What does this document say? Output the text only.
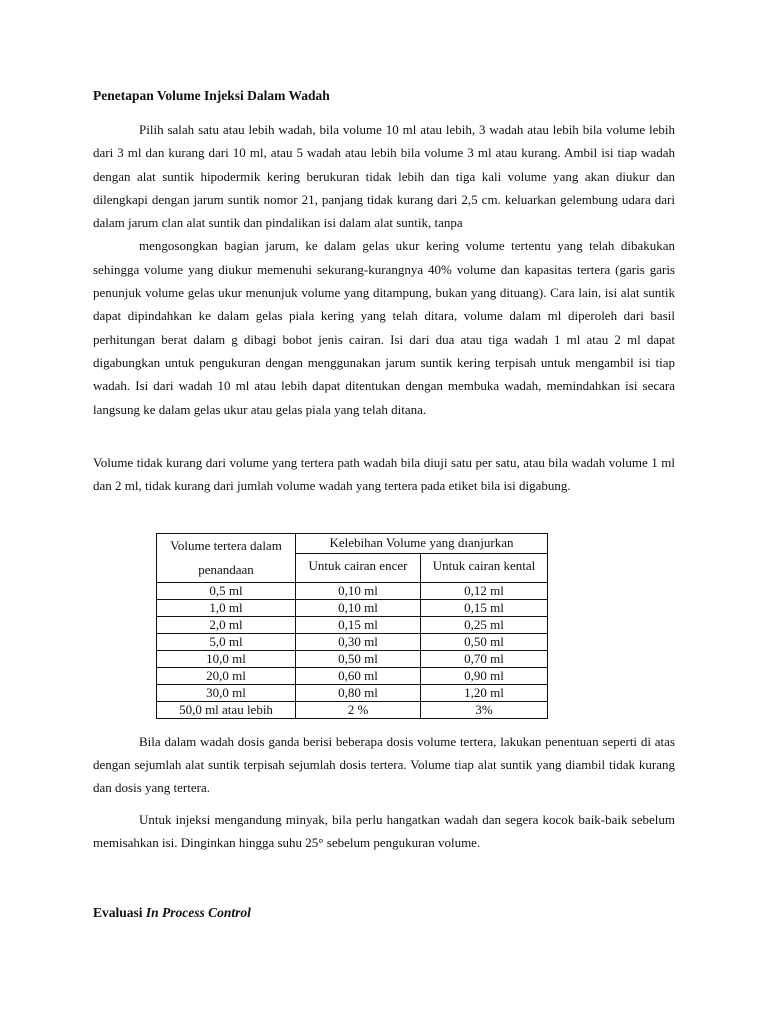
Penetapan Volume Injeksi Dalam Wadah

Pilih salah satu atau lebih wadah, bila volume 10 ml atau lebih, 3 wadah atau lebih bila volume lebih dari 3 ml dan kurang dari 10 ml, atau 5 wadah atau lebih bila volume 3 ml atau kurang. Ambil isi tiap wadah dengan alat suntik hipodermik kering berukuran tidak lebih dan tiga kali volume yang akan diukur dan dilengkapi dengan jarum suntik nomor 21, panjang tidak kurang dari 2,5 cm. keluarkan gelembung udara dari dalam jarum clan alat suntik dan pindalikan isi dalam alat suntik, tanpa
mengosongkan bagian jarum, ke dalam gelas ukur kering volume tertentu yang telah dibakukan sehingga volume yang diukur memenuhi sekurang-kurangnya 40% volume dan kapasitas tertera (garis garis penunjuk volume gelas ukur menunjuk volume yang ditampung, bukan yang dituang). Cara lain, isi alat suntik dapat dipindahkan ke dalam gelas piala kering yang telah ditara, volume dalam ml diperoleh dari basil perhitungan berat dalam g dibagi bobot jenis cairan. Isi dari dua atau tiga wadah 1 ml atau 2 ml dapat digabungkan untuk pengukuran dengan menggunakan jarum suntik kering terpisah untuk mengambil isi tiap wadah. Isi dari wadah 10 ml atau lebih dapat ditentukan dengan membuka wadah, memindahkan isi secara langsung ke dalam gelas ukur atau gelas piala yang telah ditana.

Volume tidak kurang dari volume yang tertera path wadah bila diuji satu per satu, atau bila wadah volume 1 ml dan 2 ml, tidak kurang dari jumlah volume wadah yang tertera pada etiket bila isi digabung.

Volume tertera dalam penandaan	Kelebihan Volume yang dıanjurkan	
	Untuk cairan encer	Untuk cairan kental
0,5 ml	0,10 ml	0,12 ml
1,0 ml	0,10 ml	0,15 ml
2,0 ml	0,15 ml	0,25 ml
5,0 ml	0,30 ml	0,50 ml
10,0 ml	0,50 ml	0,70 ml
20,0 ml	0,60 ml	0,90 ml
30,0 ml	0,80 ml	1,20 ml
50,0 ml atau lebih	2 %	3%

Bila dalam wadah dosis ganda berisi beberapa dosis volume tertera, lakukan penentuan seperti di atas dengan sejumlah alat suntik terpisah sejumlah dosis tertera. Volume tiap alat suntik yang diambil tidak kurang dan dosis yang tertera.

Untuk injeksi mengandung minyak, bila perlu hangatkan wadah dan segera kocok baik-baik sebelum memisahkan isi. Dinginkan hingga suhu 25° sebelum pengukuran volume.

Evaluasi In Process Control
